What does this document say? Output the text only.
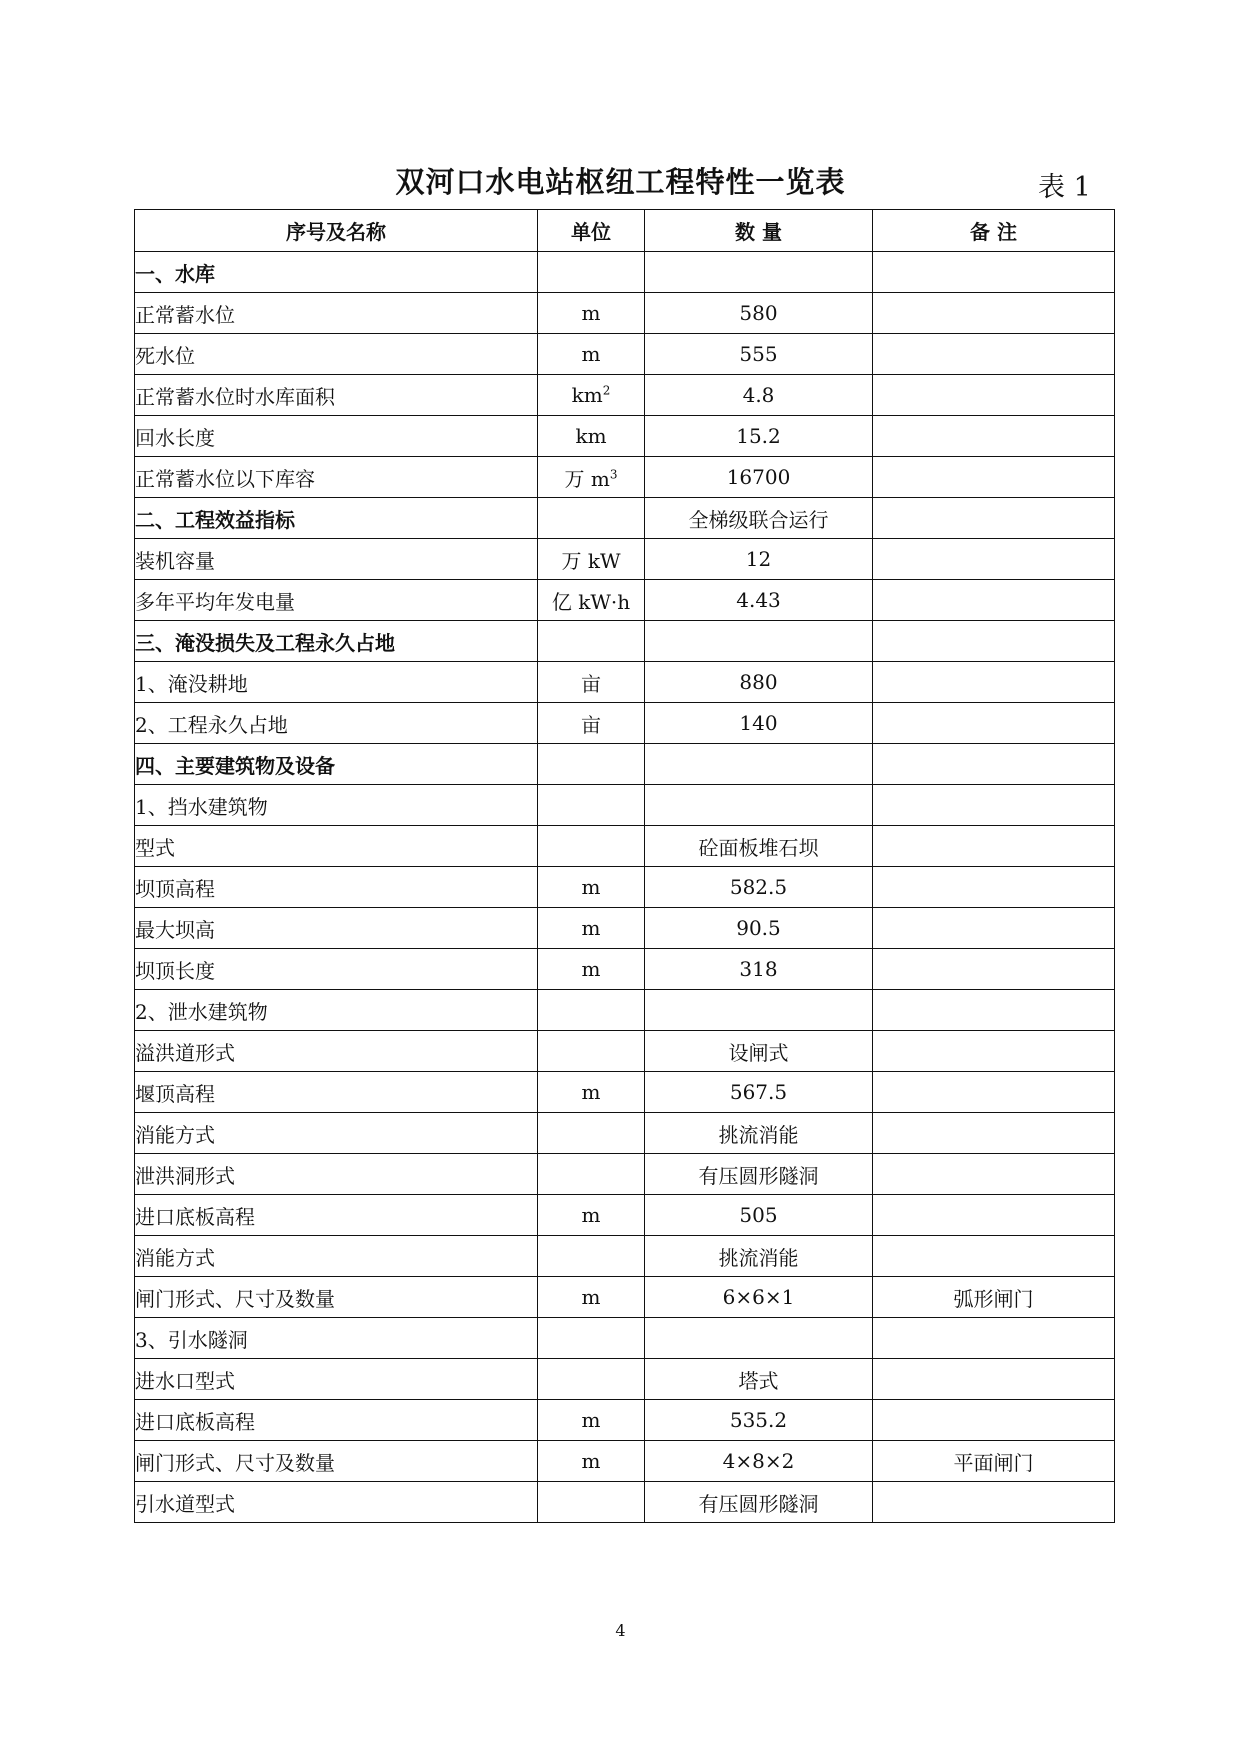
双河口水电站枢纽工程特性一览表	表 1
序号及名称	单位	数 量	备 注
一、水库			
正常蓄水位	m	580	
死水位	m	555	
正常蓄水位时水库面积	$km^2$	4.8	
回水长度	km	15.2	
正常蓄水位以下库容	万 $m^3$	16700	
二、工程效益指标		全梯级联合运行	
装机容量	万 kW	12	
多年平均年发电量	亿 kW·h	4.43	
三、淹没损失及工程永久占地			
1、淹没耕地	亩	880	
2、工程永久占地	亩	140	
四、主要建筑物及设备			
1、挡水建筑物			
型式		砼面板堆石坝	
坝顶高程	m	582.5	
最大坝高	m	90.5	
坝顶长度	m	318	
2、泄水建筑物			
溢洪道形式		设闸式	
堰顶高程	m	567.5	
消能方式		挑流消能	
泄洪洞形式		有压圆形隧洞	
进口底板高程	m	505	
消能方式		挑流消能	
闸门形式、尺寸及数量	m	6×6×1	弧形闸门
3、引水隧洞			
进水口型式		塔式	
进口底板高程	m	535.2	
闸门形式、尺寸及数量	m	4×8×2	平面闸门
引水道型式		有压圆形隧洞	
4
